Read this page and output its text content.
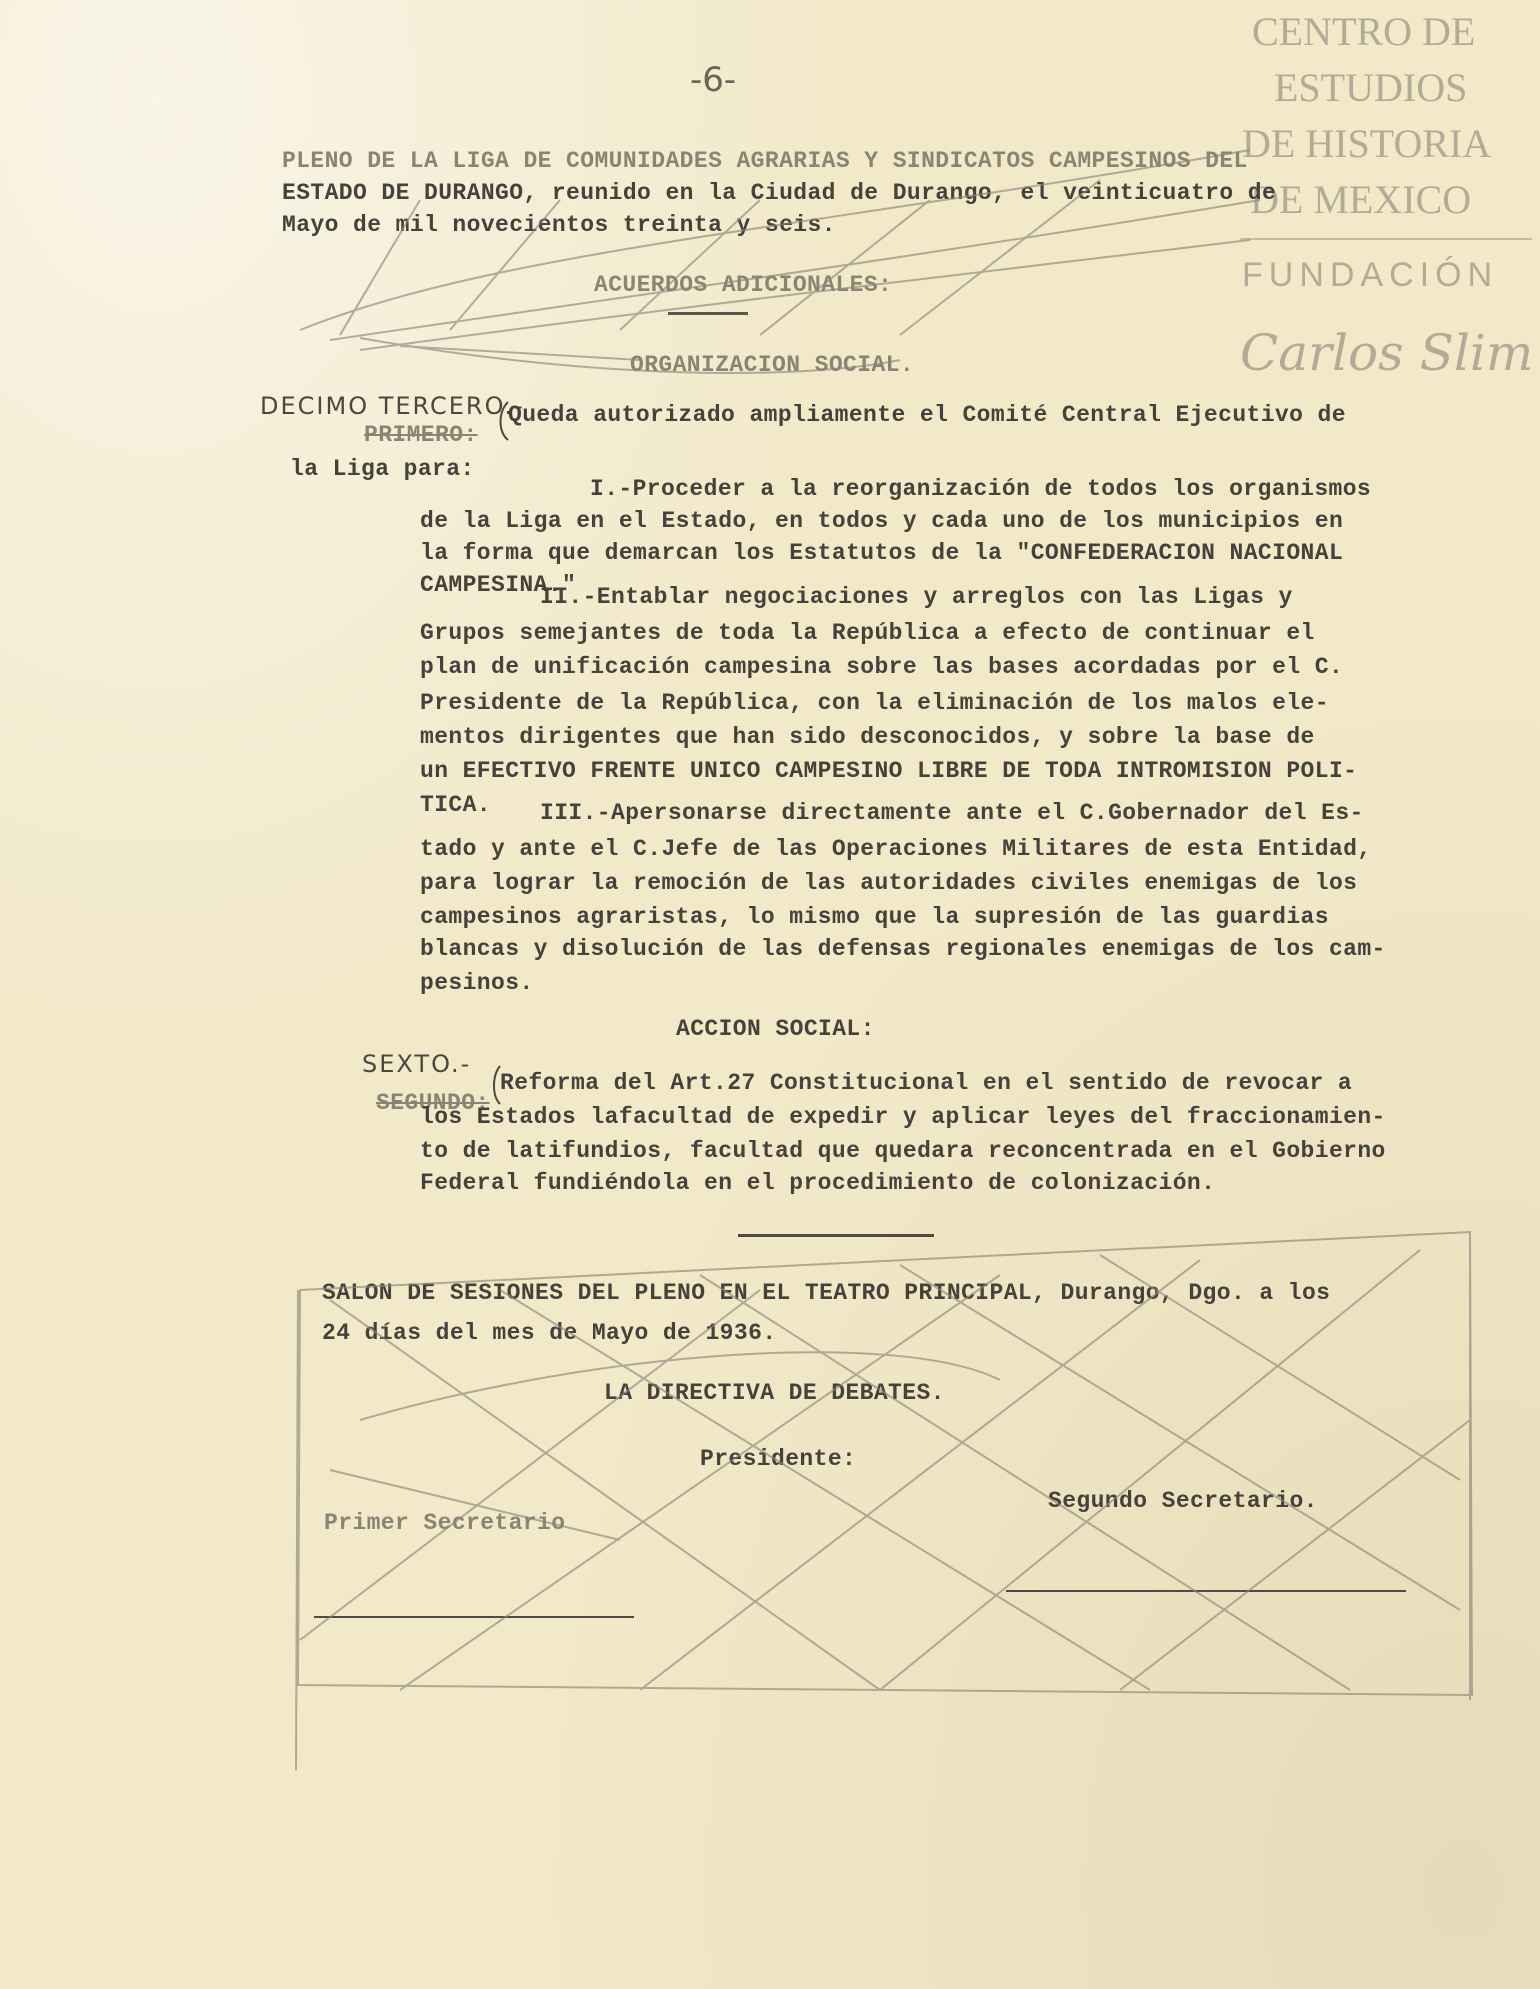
CENTRO DE
ESTUDIOS
DE HISTORIA
DE MEXICO
FUNDACIÓN
Carlos Slim
-6-
PLENO DE LA LIGA DE COMUNIDADES AGRARIAS Y SINDICATOS CAMPESINOS DEL
ESTADO DE DURANGO, reunido en la Ciudad de Durango, el veinticuatro de
Mayo de mil novecientos treinta y seis.
ACUERDOS ADICIONALES:
ORGANIZACION SOCIAL.
DECIMO TERCERO.-
PRIMERO:
Queda autorizado ampliamente el Comité Central Ejecutivo de
la Liga para:
I.-Proceder a la reorganización de todos los organismos
de la Liga en el Estado, en todos y cada uno de los municipios en
la forma que demarcan los Estatutos de la "CONFEDERACION NACIONAL
CAMPESINA."
II.-Entablar negociaciones y arreglos con las Ligas y
Grupos semejantes de toda la República a efecto de continuar el
plan de unificación campesina sobre las bases acordadas por el C.
Presidente de la República, con la eliminación de los malos ele-
mentos dirigentes que han sido desconocidos, y sobre la base de
un EFECTIVO FRENTE UNICO CAMPESINO LIBRE DE TODA INTROMISION POLI-
TICA. III.-Apersonarse directamente ante el C.Gobernador del Es-
tado y ante el C.Jefe de las Operaciones Militares de esta Entidad,
para lograr la remoción de las autoridades civiles enemigas de los
campesinos agraristas, lo mismo que la supresión de las guardias
blancas y disolución de las defensas regionales enemigas de los cam-
pesinos.
ACCION SOCIAL:
SEXTO.-
SEGUNDO:
Reforma del Art.27 Constitucional en el sentido de revocar a
los Estados lafacultad de expedir y aplicar leyes del fraccionamien-
to de latifundios, facultad que quedara reconcentrada en el Gobierno
Federal fundiéndola en el procedimiento de colonización.
SALON DE SESIONES DEL PLENO EN EL TEATRO PRINCIPAL, Durango, Dgo. a los
24 días del mes de Mayo de 1936.
LA DIRECTIVA DE DEBATES.
Presidente:
Primer Secretario
Segundo Secretario.
